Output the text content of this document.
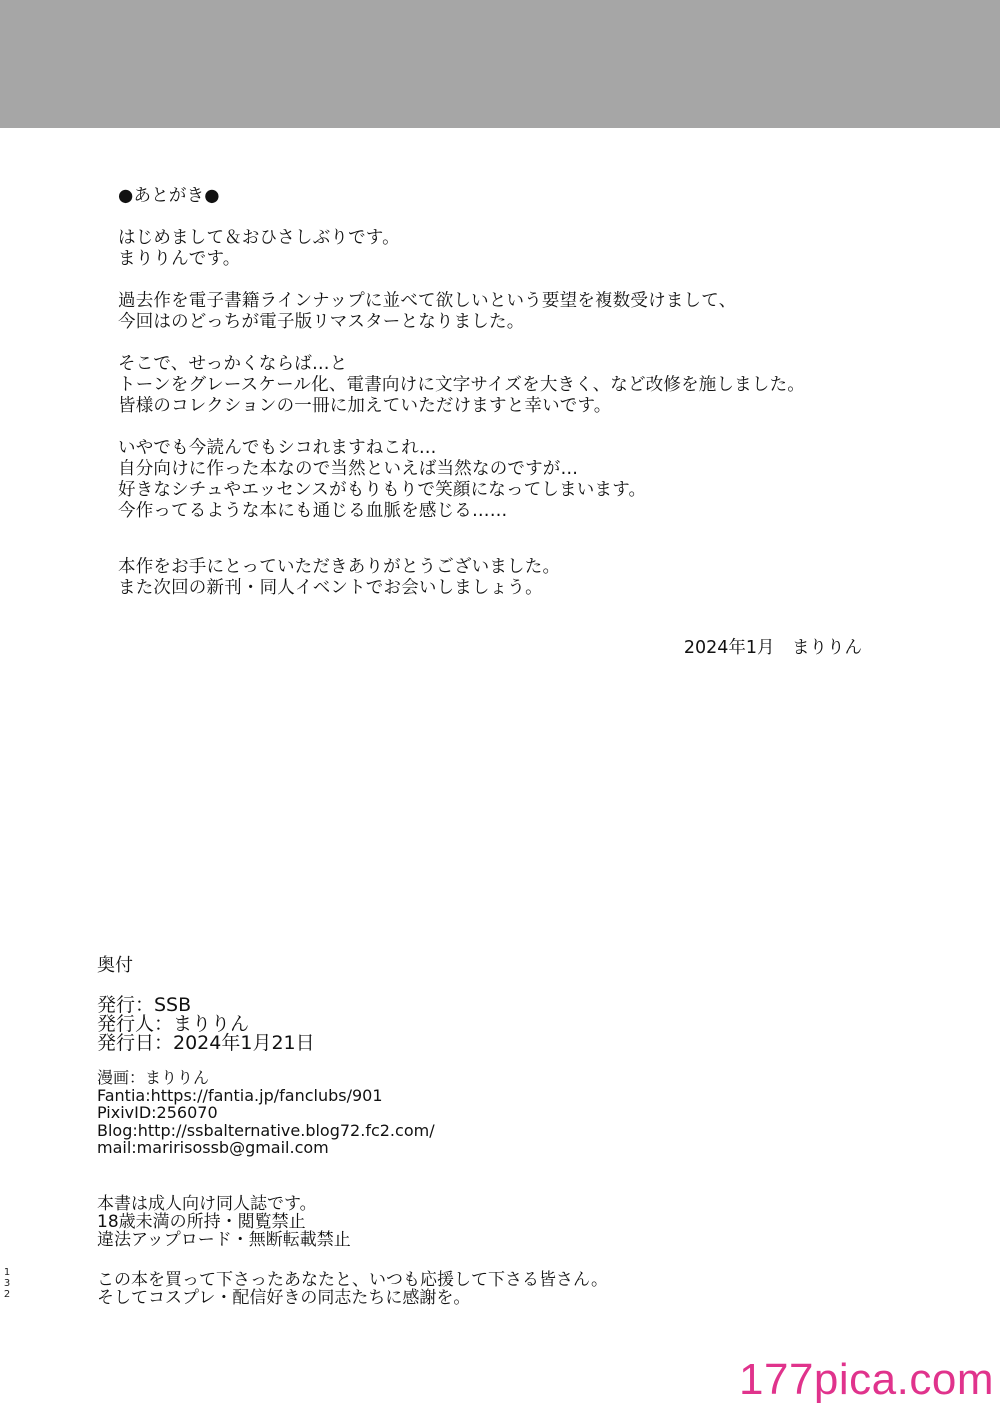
●あとがき●
はじめまして＆おひさしぶりです。
まりりんです。
過去作を電子書籍ラインナップに並べて欲しいという要望を複数受けまして、
今回はのどっちが電子版リマスターとなりました。
そこで、せっかくならば…と
トーンをグレースケール化、電書向けに文字サイズを大きく、など改修を施しました。
皆様のコレクションの一冊に加えていただけますと幸いです。
いやでも今読んでもシコれますねこれ…
自分向けに作った本なので当然といえば当然なのですが…
好きなシチュやエッセンスがもりもりで笑顔になってしまいます。
今作ってるような本にも通じる血脈を感じる……
本作をお手にとっていただきありがとうございました。
また次回の新刊・同人イベントでお会いしましょう。
2024年1月　まりりん
奥付
発行：SSB
発行人：まりりん
発行日：2024年1月21日
漫画：まりりん
Fantia:https://fantia.jp/fanclubs/901
PixivID:256070
Blog:http://ssbalternative.blog72.fc2.com/
mail:maririsossb@gmail.com
本書は成人向け同人誌です。
18歳未満の所持・閲覧禁止
違法アップロード・無断転載禁止
この本を買って下さったあなたと、いつも応援して下さる皆さん。
そしてコスプレ・配信好きの同志たちに感謝を。
1
3
2
177pica.com
